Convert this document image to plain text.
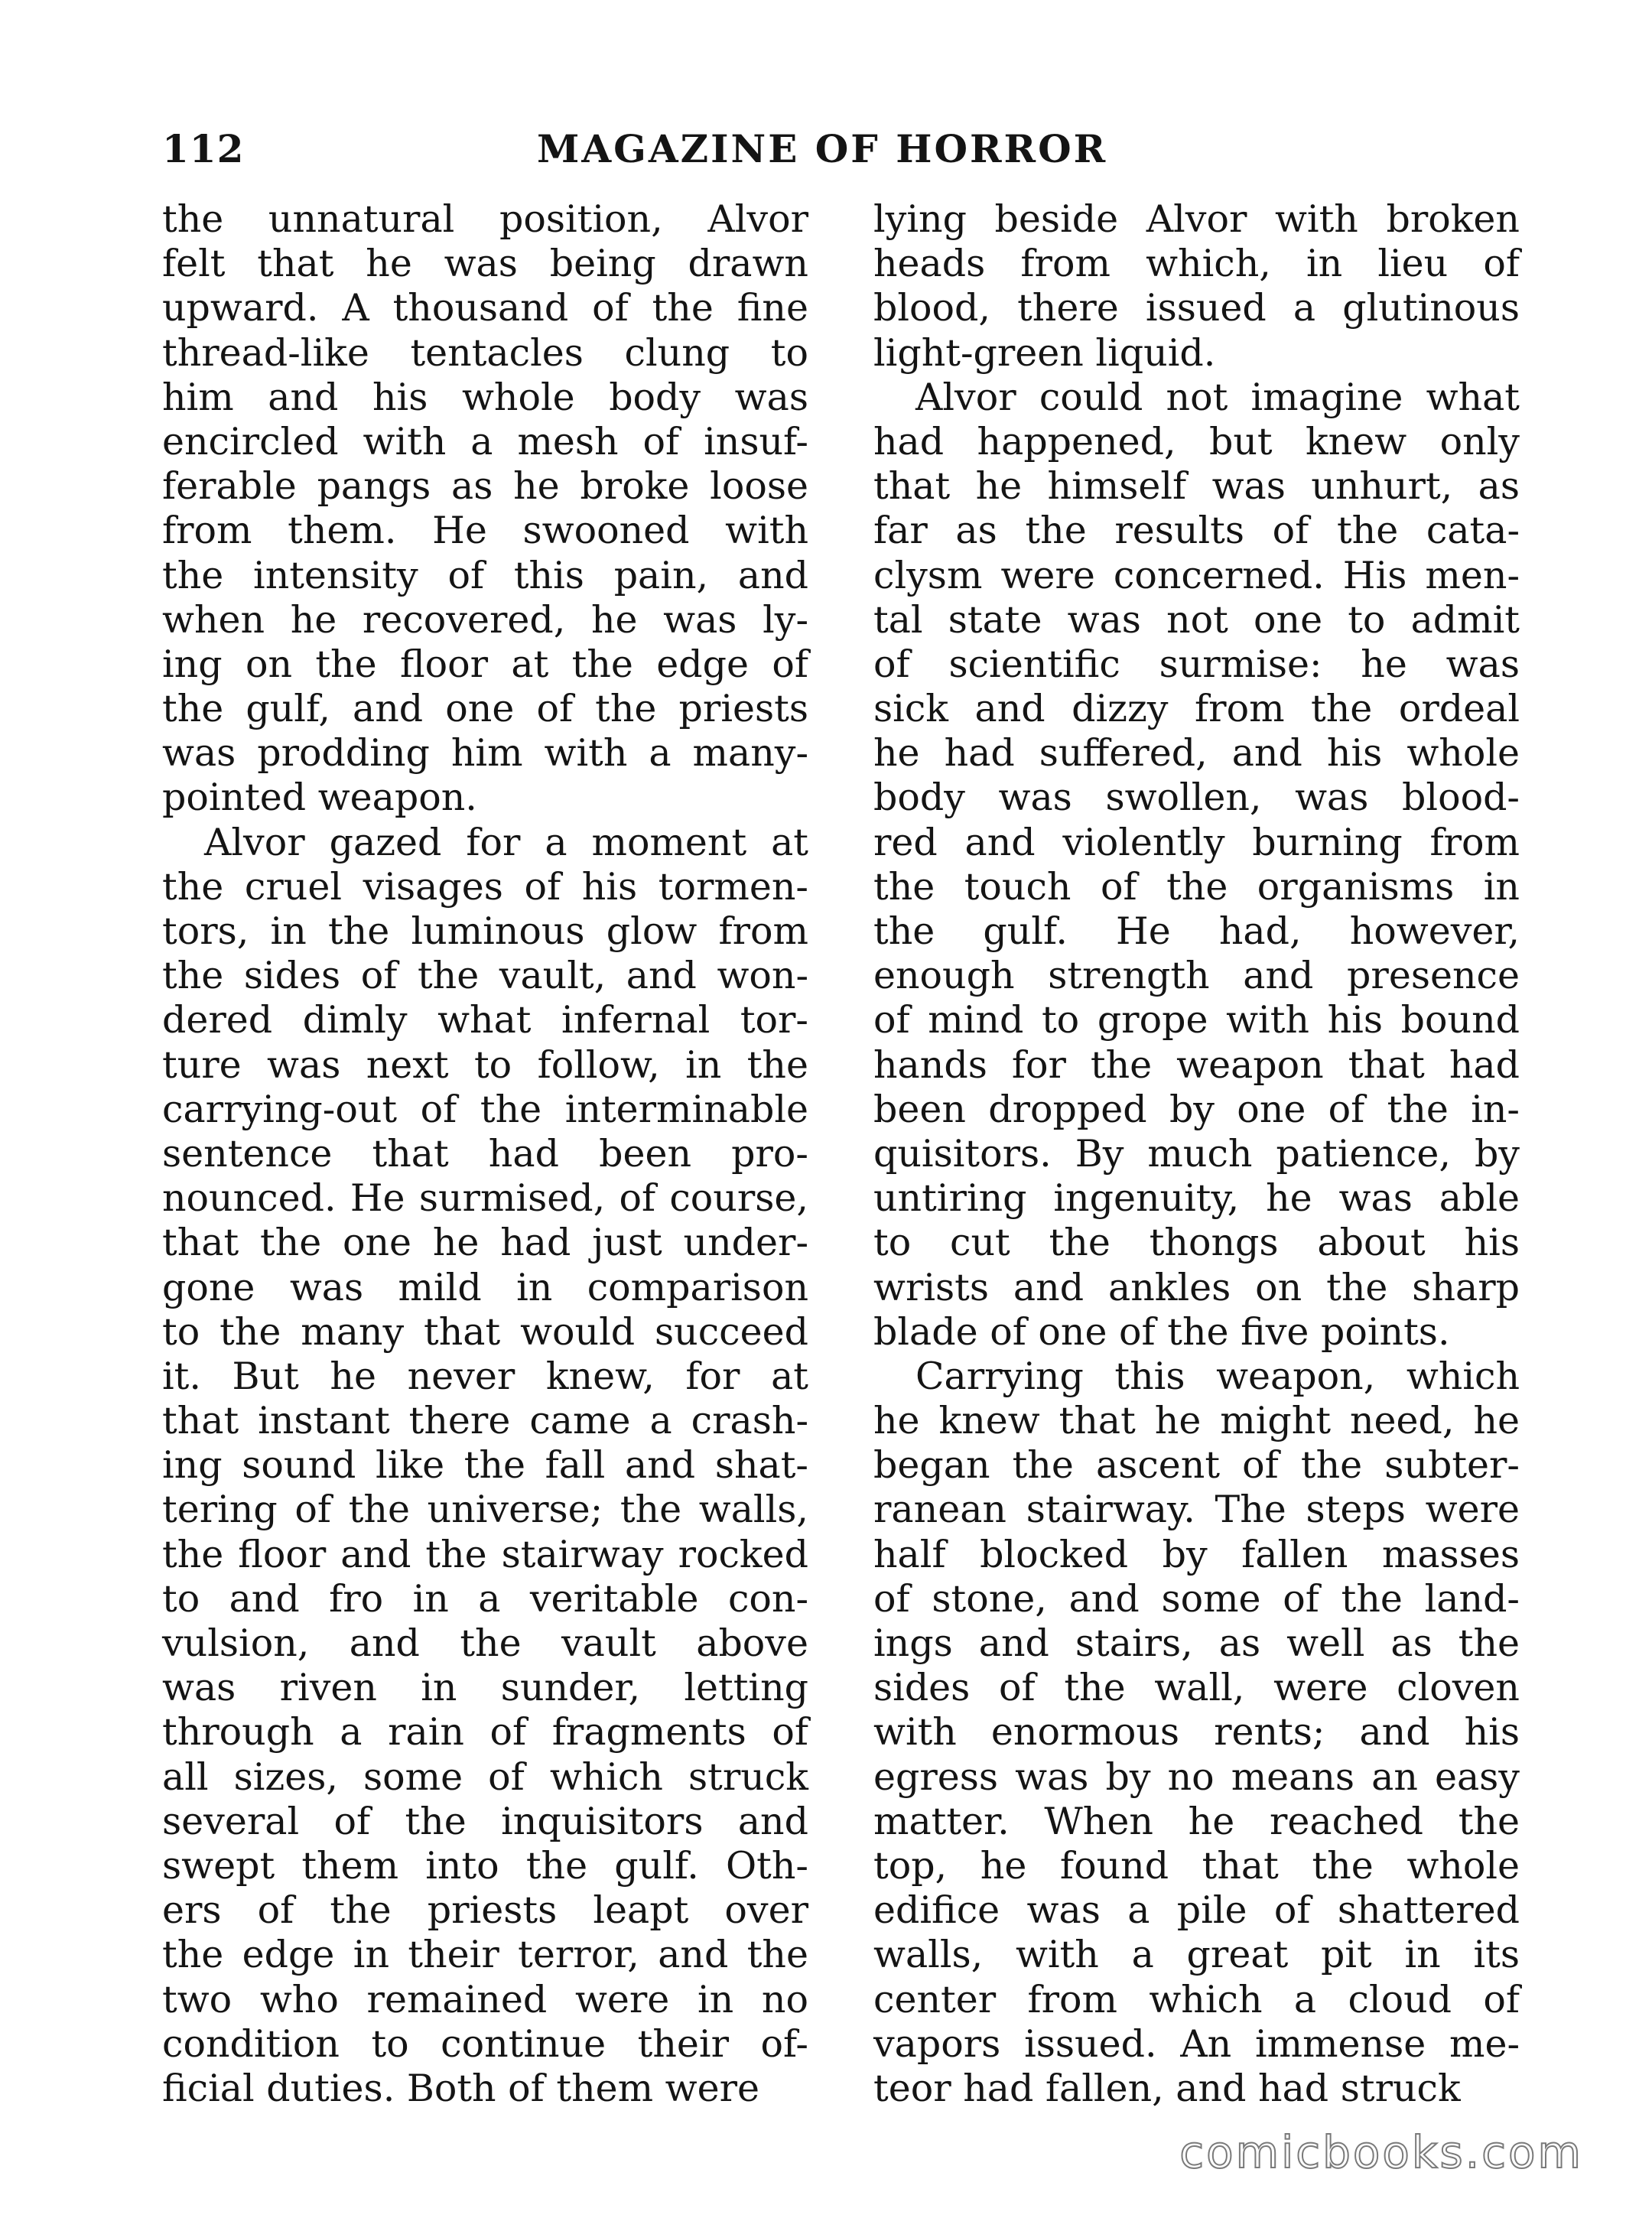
112	MAGAZINE OF HORROR
the unnatural position, Alvor
felt that he was being drawn
upward. A thousand of the fine
thread-like tentacles clung to
him and his whole body was
encircled with a mesh of insuf-
ferable pangs as he broke loose
from them. He swooned with
the intensity of this pain, and
when he recovered, he was ly-
ing on the floor at the edge of
the gulf, and one of the priests
was prodding him with a many-
pointed weapon.
Alvor gazed for a moment at
the cruel visages of his tormen-
tors, in the luminous glow from
the sides of the vault, and won-
dered dimly what infernal tor-
ture was next to follow, in the
carrying-out of the interminable
sentence that had been pro-
nounced. He surmised, of course,
that the one he had just under-
gone was mild in comparison
to the many that would succeed
it. But he never knew, for at
that instant there came a crash-
ing sound like the fall and shat-
tering of the universe; the walls,
the floor and the stairway rocked
to and fro in a veritable con-
vulsion, and the vault above
was riven in sunder, letting
through a rain of fragments of
all sizes, some of which struck
several of the inquisitors and
swept them into the gulf. Oth-
ers of the priests leapt over
the edge in their terror, and the
two who remained were in no
condition to continue their of-
ficial duties. Both of them were
lying beside Alvor with broken
heads from which, in lieu of
blood, there issued a glutinous
light-green liquid.
Alvor could not imagine what
had happened, but knew only
that he himself was unhurt, as
far as the results of the cata-
clysm were concerned. His men-
tal state was not one to admit
of scientific surmise: he was
sick and dizzy from the ordeal
he had suffered, and his whole
body was swollen, was blood-
red and violently burning from
the touch of the organisms in
the gulf. He had, however,
enough strength and presence
of mind to grope with his bound
hands for the weapon that had
been dropped by one of the in-
quisitors. By much patience, by
untiring ingenuity, he was able
to cut the thongs about his
wrists and ankles on the sharp
blade of one of the five points.
Carrying this weapon, which
he knew that he might need, he
began the ascent of the subter-
ranean stairway. The steps were
half blocked by fallen masses
of stone, and some of the land-
ings and stairs, as well as the
sides of the wall, were cloven
with enormous rents; and his
egress was by no means an easy
matter. When he reached the
top, he found that the whole
edifice was a pile of shattered
walls, with a great pit in its
center from which a cloud of
vapors issued. An immense me-
teor had fallen, and had struck
comicbooks.com
